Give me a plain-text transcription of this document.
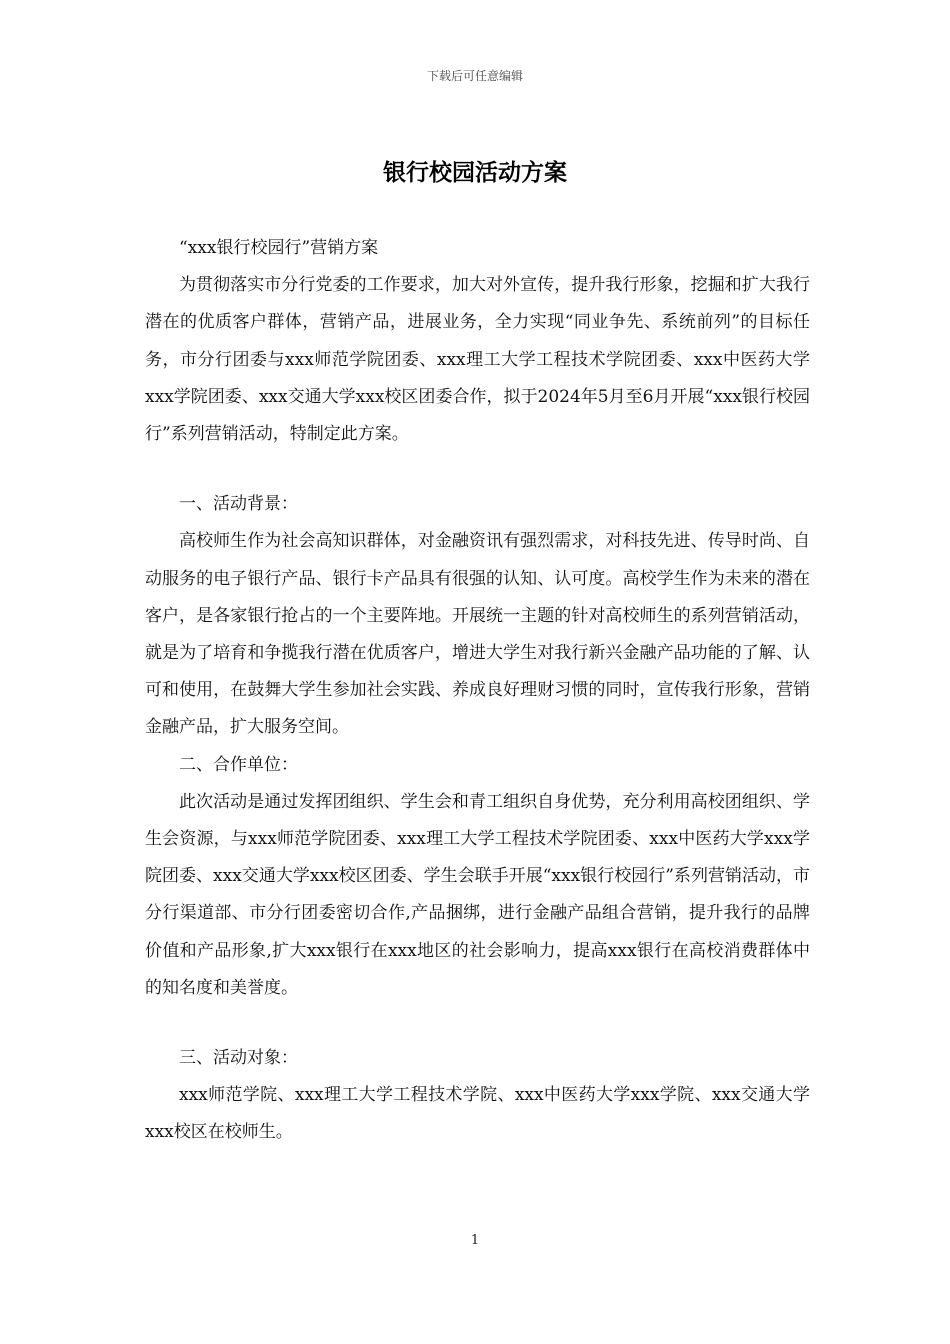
下载后可任意编辑
银行校园活动方案

“xxx银行校园行”营销方案

为贯彻落实市分行党委的工作要求，加大对外宣传，提升我行形象，挖掘和扩大我行潜在的优质客户群体，营销产品，进展业务，全力实现“同业争先、系统前列”的目标任务，市分行团委与xxx师范学院团委、xxx理工大学工程技术学院团委、xxx中医药大学xxx学院团委、xxx交通大学xxx校区团委合作，拟于2024年5月至6月开展“xxx银行校园行”系列营销活动，特制定此方案。

一、活动背景：

高校师生作为社会高知识群体，对金融资讯有强烈需求，对科技先进、传导时尚、自动服务的电子银行产品、银行卡产品具有很强的认知、认可度。高校学生作为未来的潜在客户，是各家银行抢占的一个主要阵地。开展统一主题的针对高校师生的系列营销活动，就是为了培育和争揽我行潜在优质客户，增进大学生对我行新兴金融产品功能的了解、认可和使用，在鼓舞大学生参加社会实践、养成良好理财习惯的同时，宣传我行形象，营销金融产品，扩大服务空间。

二、合作单位：

此次活动是通过发挥团组织、学生会和青工组织自身优势，充分利用高校团组织、学生会资源，与xxx师范学院团委、xxx理工大学工程技术学院团委、xxx中医药大学xxx学院团委、xxx交通大学xxx校区团委、学生会联手开展“xxx银行校园行”系列营销活动，市分行渠道部、市分行团委密切合作,产品捆绑，进行金融产品组合营销，提升我行的品牌价值和产品形象,扩大xxx银行在xxx地区的社会影响力，提高xxx银行在高校消费群体中的知名度和美誉度。

三、活动对象：

xxx师范学院、xxx理工大学工程技术学院、xxx中医药大学xxx学院、xxx交通大学xxx校区在校师生。

1
